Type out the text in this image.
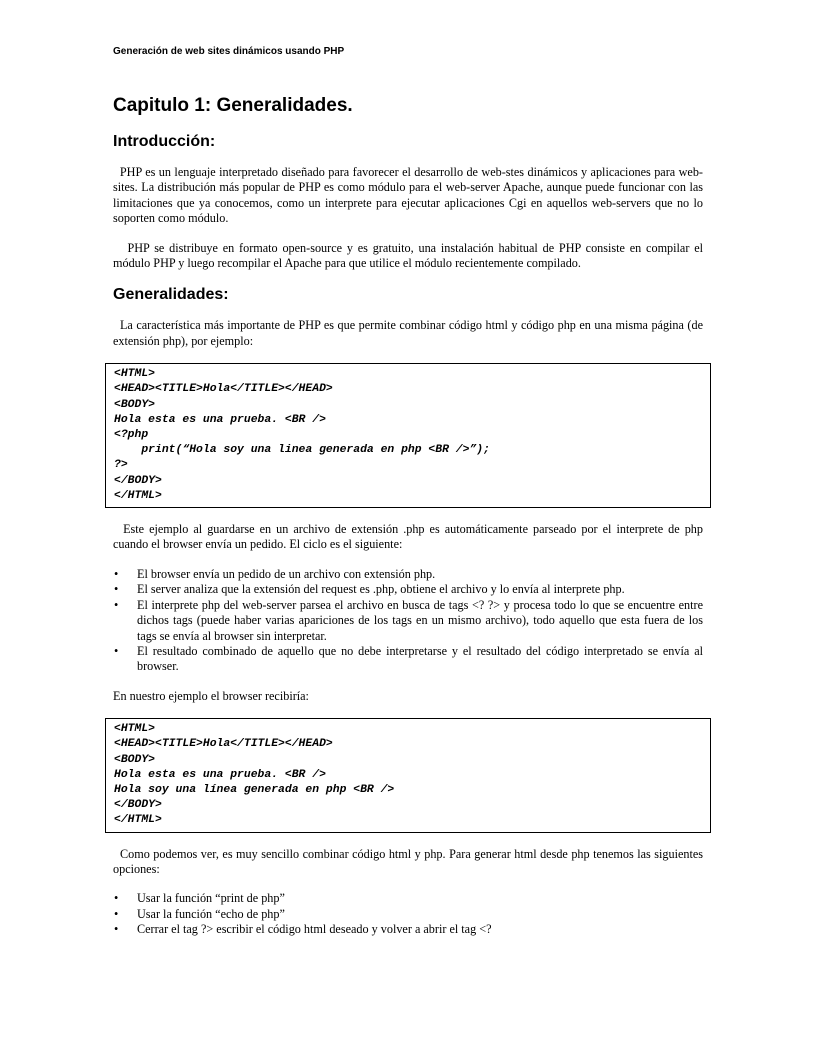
Generación de web sites dinámicos usando PHP
Capitulo 1: Generalidades.
Introducción:

PHP es un lenguaje interpretado diseñado para favorecer el desarrollo de web-stes dinámicos y aplicaciones para web-sites. La distribución más popular de PHP es como módulo para el web-server Apache, aunque puede funcionar con las limitaciones que ya conocemos, como un interprete para ejecutar aplicaciones Cgi en aquellos web-servers que no lo soporten como módulo.

PHP se distribuye en formato open-source y es gratuito, una instalación habitual de PHP consiste en compilar el módulo PHP y luego recompilar el Apache para que utilice el módulo recientemente compilado.

Generalidades:

La característica más importante de PHP es que permite combinar código html y código php en una misma página (de extensión php), por ejemplo:

<HTML>
<HEAD><TITLE>Hola</TITLE></HEAD>
<BODY>
Hola esta es una prueba. <BR />
<?php
print(“Hola soy una linea generada en php <BR />”);
?>
</BODY>
</HTML>

Este ejemplo al guardarse en un archivo de extensión .php es automáticamente parseado por el interprete de php cuando el browser envía un pedido. El ciclo es el siguiente:

• El browser envía un pedido de un archivo con extensión php.
• El server analiza que la extensión del request es .php, obtiene el archivo y lo envía al interprete php.
• El interprete php del web-server parsea el archivo en busca de tags <? ?> y procesa todo lo que se encuentre entre dichos tags (puede haber varias apariciones de los tags en un mismo archivo), todo aquello que esta fuera de los tags se envía al browser sin interpretar.
• El resultado combinado de aquello que no debe interpretarse y el resultado del código interpretado se envía al browser.

En nuestro ejemplo el browser recibiría:

<HTML>
<HEAD><TITLE>Hola</TITLE></HEAD>
<BODY>
Hola esta es una prueba. <BR />
Hola soy una línea generada en php <BR />
</BODY>
</HTML>

Como podemos ver, es muy sencillo combinar código html y php. Para generar html desde php tenemos las siguientes opciones:

• Usar la función “print de php”
• Usar la función “echo de php”
• Cerrar el tag ?> escribir el código html deseado y volver a abrir el tag <?
